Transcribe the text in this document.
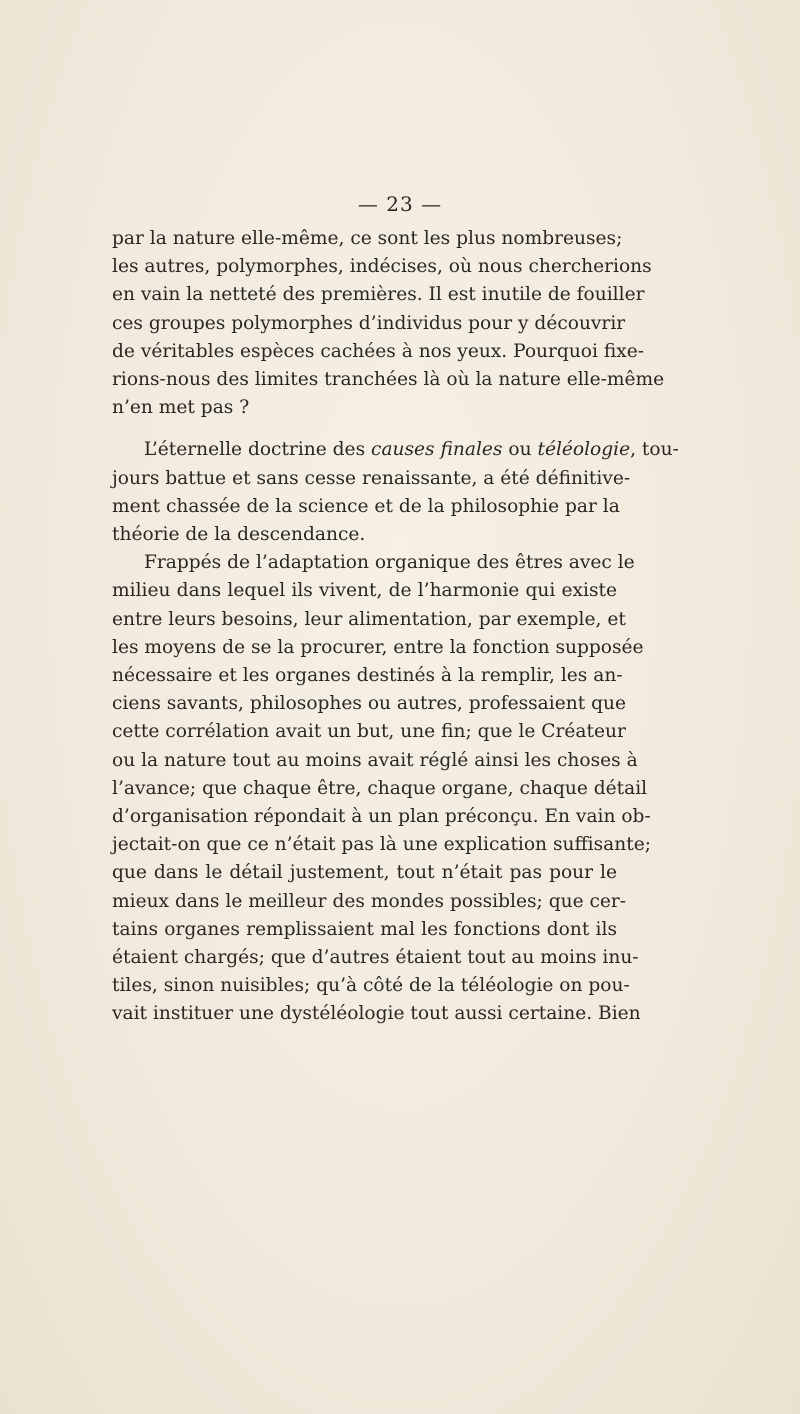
— 23 —
par la nature elle-même, ce sont les plus nombreuses;
les autres, polymorphes, indécises, où nous chercherions
en vain la netteté des premières. Il est inutile de fouiller
ces groupes polymorphes d’individus pour y découvrir
de véritables espèces cachées à nos yeux. Pourquoi fixe-
rions-nous des limites tranchées là où la nature elle-même
n’en met pas ?
L’éternelle doctrine des causes finales ou téléologie, tou-
jours battue et sans cesse renaissante, a été définitive-
ment chassée de la science et de la philosophie par la
théorie de la descendance.
Frappés de l’adaptation organique des êtres avec le
milieu dans lequel ils vivent, de l’harmonie qui existe
entre leurs besoins, leur alimentation, par exemple, et
les moyens de se la procurer, entre la fonction supposée
nécessaire et les organes destinés à la remplir, les an-
ciens savants, philosophes ou autres, professaient que
cette corrélation avait un but, une fin; que le Créateur
ou la nature tout au moins avait réglé ainsi les choses à
l’avance; que chaque être, chaque organe, chaque détail
d’organisation répondait à un plan préconçu. En vain ob-
jectait-on que ce n’était pas là une explication suffisante;
que dans le détail justement, tout n’était pas pour le
mieux dans le meilleur des mondes possibles; que cer-
tains organes remplissaient mal les fonctions dont ils
étaient chargés; que d’autres étaient tout au moins inu-
tiles, sinon nuisibles; qu’à côté de la téléologie on pou-
vait instituer une dystéléologie tout aussi certaine. Bien
